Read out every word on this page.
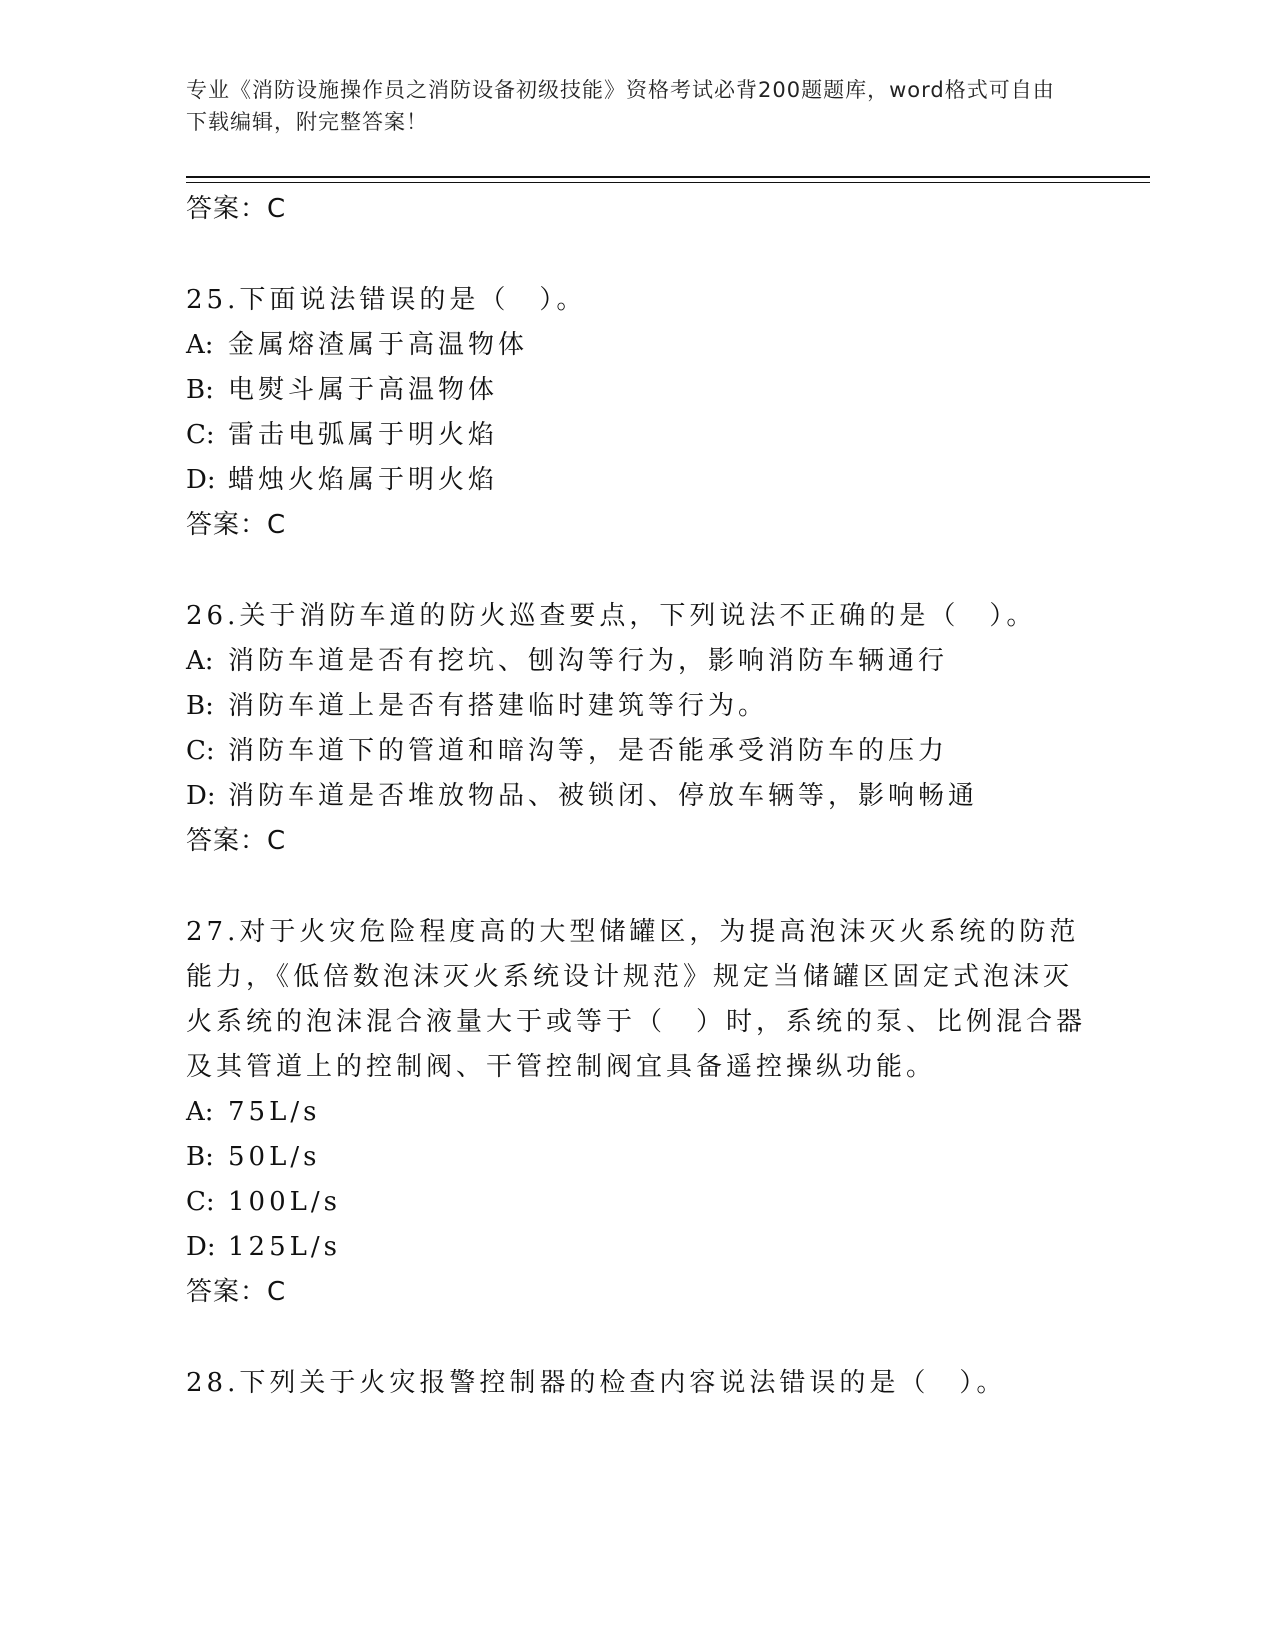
专业《消防设施操作员之消防设备初级技能》资格考试必背200题题库，word格式可自由下载编辑，附完整答案！
答案：C
25.下面说法错误的是（　）。
A: 金属熔渣属于高温物体
B: 电熨斗属于高温物体
C: 雷击电弧属于明火焰
D: 蜡烛火焰属于明火焰
答案：C
26.关于消防车道的防火巡查要点，下列说法不正确的是（　）。
A: 消防车道是否有挖坑、刨沟等行为，影响消防车辆通行
B: 消防车道上是否有搭建临时建筑等行为。
C: 消防车道下的管道和暗沟等，是否能承受消防车的压力
D: 消防车道是否堆放物品、被锁闭、停放车辆等，影响畅通
答案：C
27.对于火灾危险程度高的大型储罐区，为提高泡沫灭火系统的防范能力，《低倍数泡沫灭火系统设计规范》规定当储罐区固定式泡沫灭火系统的泡沫混合液量大于或等于（　）时，系统的泵、比例混合器及其管道上的控制阀、干管控制阀宜具备遥控操纵功能。
A: 75L/s
B: 50L/s
C: 100L/s
D: 125L/s
答案：C
28.下列关于火灾报警控制器的检查内容说法错误的是（　）。
